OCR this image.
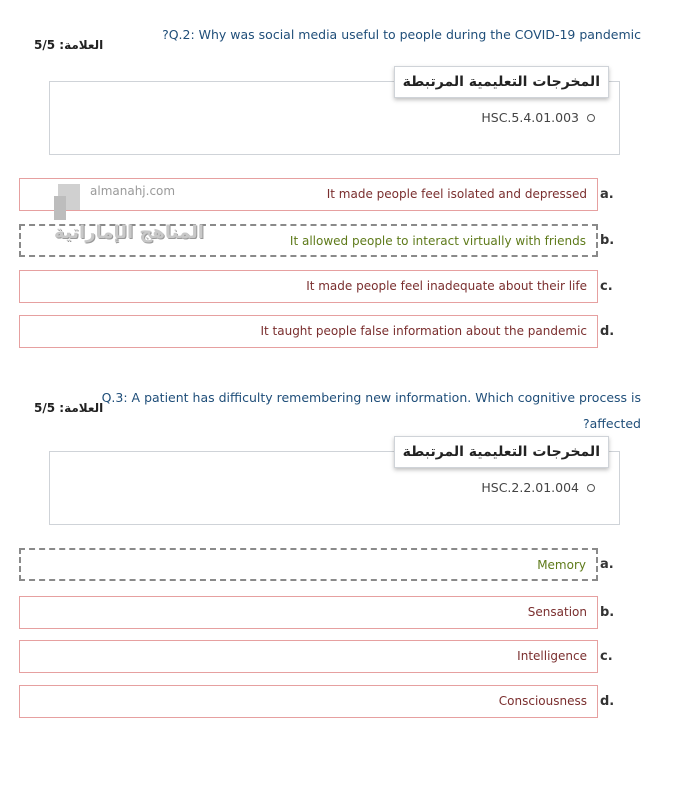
العلامة: 5/5
?Q.2: Why was social media useful to people during the COVID-19 pandemic
المخرجات التعليمية المرتبطة
HSC.5.4.01.003
It made people feel isolated and depressed a.
It allowed people to interact virtually with friends b.
It made people feel inadequate about their life c.
It taught people false information about the pandemic d.
almanahj.com
المناهج الإماراتية
العلامة: 5/5
Q.3: A patient has difficulty remembering new information. Which cognitive process is
?affected
المخرجات التعليمية المرتبطة
HSC.2.2.01.004
Memory a.
Sensation b.
Intelligence c.
Consciousness d.
